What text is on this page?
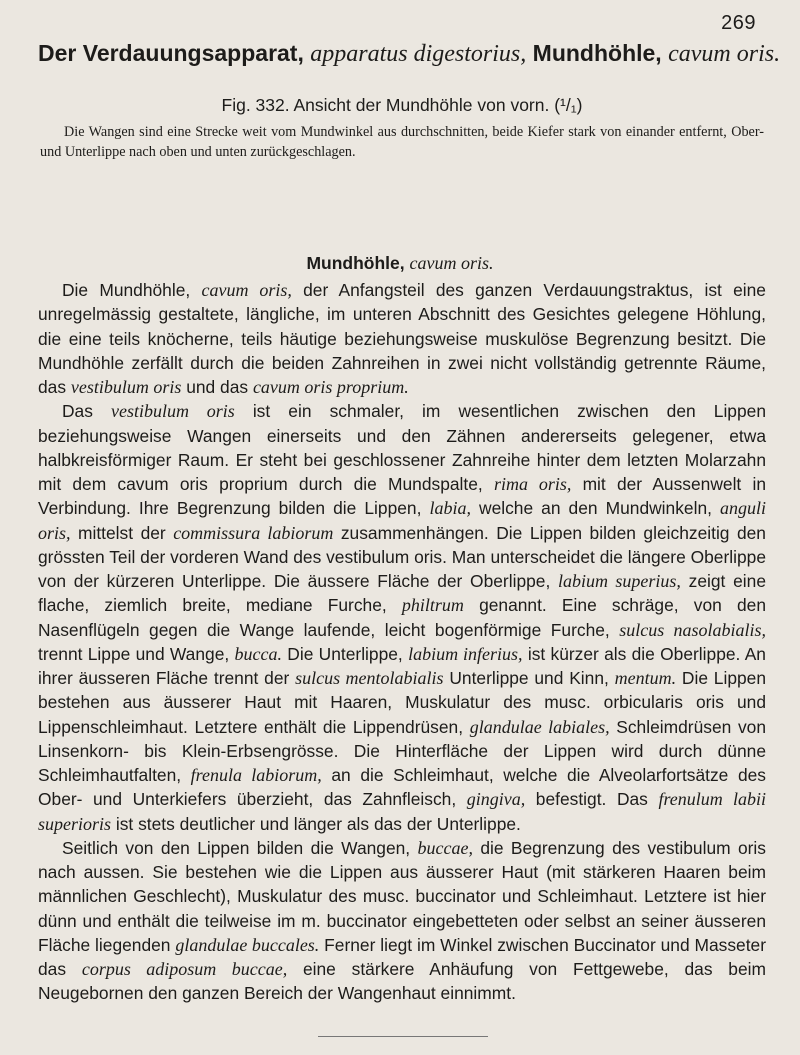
269
Der Verdauungsapparat, apparatus digestorius, Mundhöhle, cavum oris.
Fig. 332. Ansicht der Mundhöhle von vorn. (¹/₁)

Die Wangen sind eine Strecke weit vom Mundwinkel aus durchschnitten, beide Kiefer stark von einander entfernt, Ober- und Unterlippe nach oben und unten zurückgeschlagen.

Mundhöhle, cavum oris.

Die Mundhöhle, cavum oris, der Anfangsteil des ganzen Verdauungstraktus, ist eine unregelmässig gestaltete, längliche, im unteren Abschnitt des Gesichtes gelegene Höhlung, die eine teils knöcherne, teils häutige beziehungsweise muskulöse Begrenzung besitzt. Die Mundhöhle zerfällt durch die beiden Zahnreihen in zwei nicht vollständig getrennte Räume, das vestibulum oris und das cavum oris proprium.

Das vestibulum oris ist ein schmaler, im wesentlichen zwischen den Lippen beziehungsweise Wangen einerseits und den Zähnen andererseits gelegener, etwa halbkreisförmiger Raum. Er steht bei geschlossener Zahnreihe hinter dem letzten Molarzahn mit dem cavum oris proprium durch die Mundspalte, rima oris, mit der Aussenwelt in Verbindung. Ihre Begrenzung bilden die Lippen, labia, welche an den Mundwinkeln, anguli oris, mittelst der commissura labiorum zusammenhängen. Die Lippen bilden gleichzeitig den grössten Teil der vorderen Wand des vestibulum oris. Man unterscheidet die längere Oberlippe von der kürzeren Unterlippe. Die äussere Fläche der Oberlippe, labium superius, zeigt eine flache, ziemlich breite, mediane Furche, philtrum genannt. Eine schräge, von den Nasenflügeln gegen die Wange laufende, leicht bogenförmige Furche, sulcus nasolabialis, trennt Lippe und Wange, bucca. Die Unterlippe, labium inferius, ist kürzer als die Oberlippe. An ihrer äusseren Fläche trennt der sulcus mentolabialis Unterlippe und Kinn, mentum. Die Lippen bestehen aus äusserer Haut mit Haaren, Muskulatur des musc. orbicularis oris und Lippenschleimhaut. Letztere enthält die Lippendrüsen, glandulae labiales, Schleimdrüsen von Linsenkorn- bis Klein-Erbsengrösse. Die Hinterfläche der Lippen wird durch dünne Schleimhautfalten, frenula labiorum, an die Schleimhaut, welche die Alveolarfortsätze des Ober- und Unterkiefers überzieht, das Zahnfleisch, gingiva, befestigt. Das frenulum labii superioris ist stets deutlicher und länger als das der Unterlippe.

Seitlich von den Lippen bilden die Wangen, buccae, die Begrenzung des vestibulum oris nach aussen. Sie bestehen wie die Lippen aus äusserer Haut (mit stärkeren Haaren beim männlichen Geschlecht), Muskulatur des musc. buccinator und Schleimhaut. Letztere ist hier dünn und enthält die teilweise im m. buccinator eingebetteten oder selbst an seiner äusseren Fläche liegenden glandulae buccales. Ferner liegt im Winkel zwischen Buccinator und Masseter das corpus adiposum buccae, eine stärkere Anhäufung von Fettgewebe, das beim Neugebornen den ganzen Bereich der Wangenhaut einnimmt.
